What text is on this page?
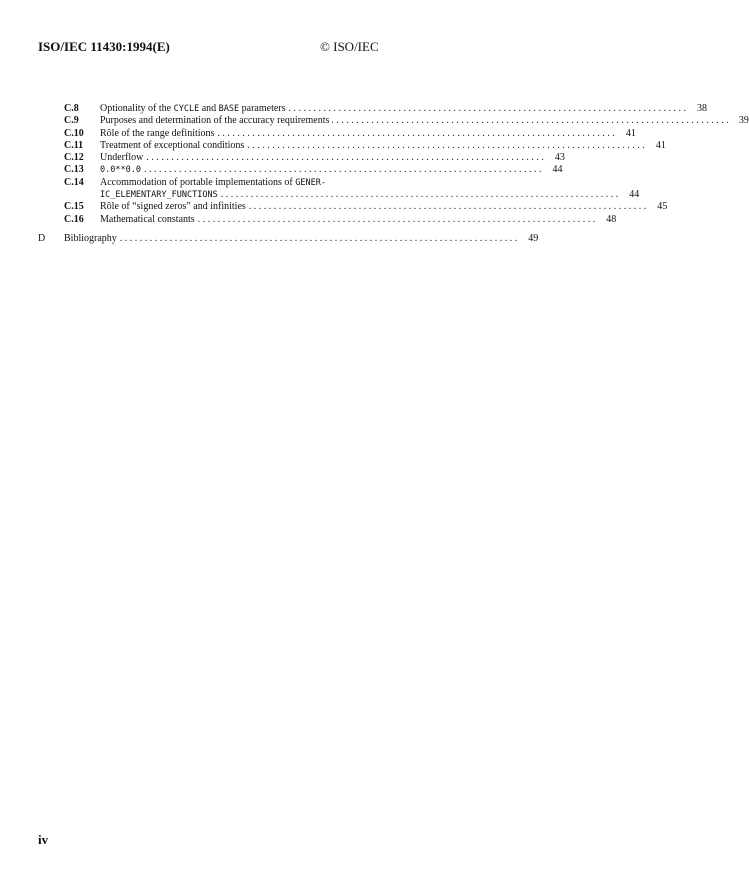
ISO/IEC 11430:1994(E)	© ISO/IEC
C.8	Optionality of the CYCLE and BASE parameters . . .	38
C.9	Purposes and determination of the accuracy requirements . . .	39
C.10	Rôle of the range definitions . . .	41
C.11	Treatment of exceptional conditions . . .	41
C.12	Underflow . . .	43
C.13	0.0**0.0 . . .	44
C.14	Accommodation of portable implementations of GENER-
IC_ELEMENTARY_FUNCTIONS . . .	44
C.15	Rôle of “signed zeros” and infinities . . .	45
C.16	Mathematical constants . . .	48
D	Bibliography . . .	49
iv
